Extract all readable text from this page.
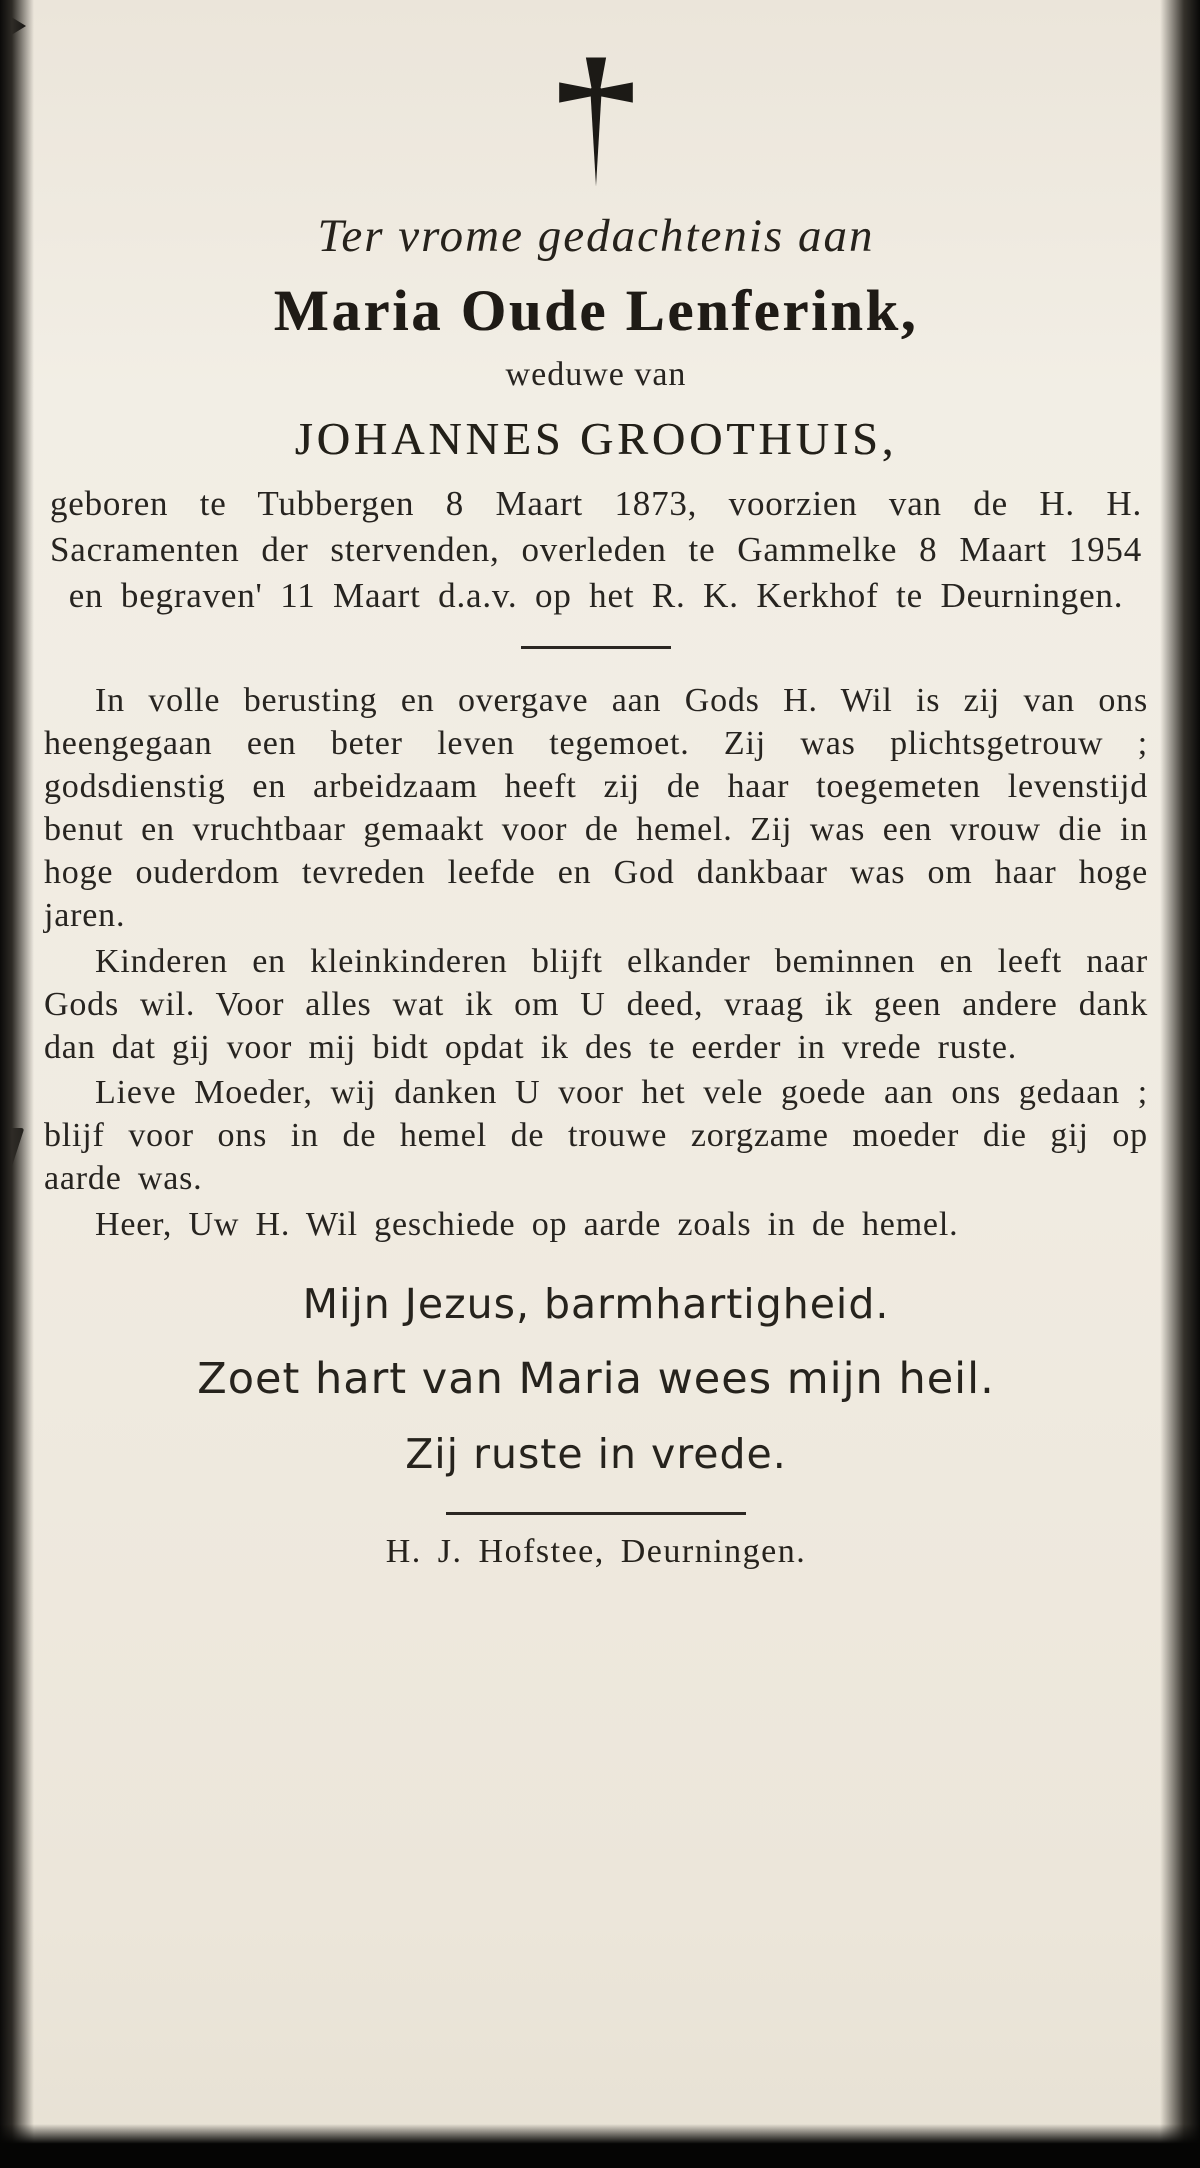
Ter vrome gedachtenis aan
Maria Oude Lenferink,
weduwe van
JOHANNES GROOTHUIS,
geboren te Tubbergen 8 Maart 1873, voorzien van de H. H. Sacramenten der stervenden, overleden te Gammelke 8 Maart 1954 en begraven' 11 Maart d.a.v. op het R. K. Kerkhof te Deurningen.

In volle berusting en overgave aan Gods H. Wil is zij van ons heengegaan een beter leven tegemoet. Zij was plichtsgetrouw ; godsdienstig en arbeidzaam heeft zij de haar toegemeten levenstijd benut en vruchtbaar gemaakt voor de hemel. Zij was een vrouw die in hoge ouderdom tevreden leefde en God dankbaar was om haar hoge jaren.

Kinderen en kleinkinderen blijft elkander beminnen en leeft naar Gods wil. Voor alles wat ik om U deed, vraag ik geen andere dank dan dat gij voor mij bidt opdat ik des te eerder in vrede ruste.

Lieve Moeder, wij danken U voor het vele goede aan ons gedaan ; blijf voor ons in de hemel de trouwe zorgzame moeder die gij op aarde was.

Heer, Uw H. Wil geschiede op aarde zoals in de hemel.

Mijn Jezus, barmhartigheid.
Zoet hart van Maria wees mijn heil.
Zij ruste in vrede.
H. J. Hofstee, Deurningen.
